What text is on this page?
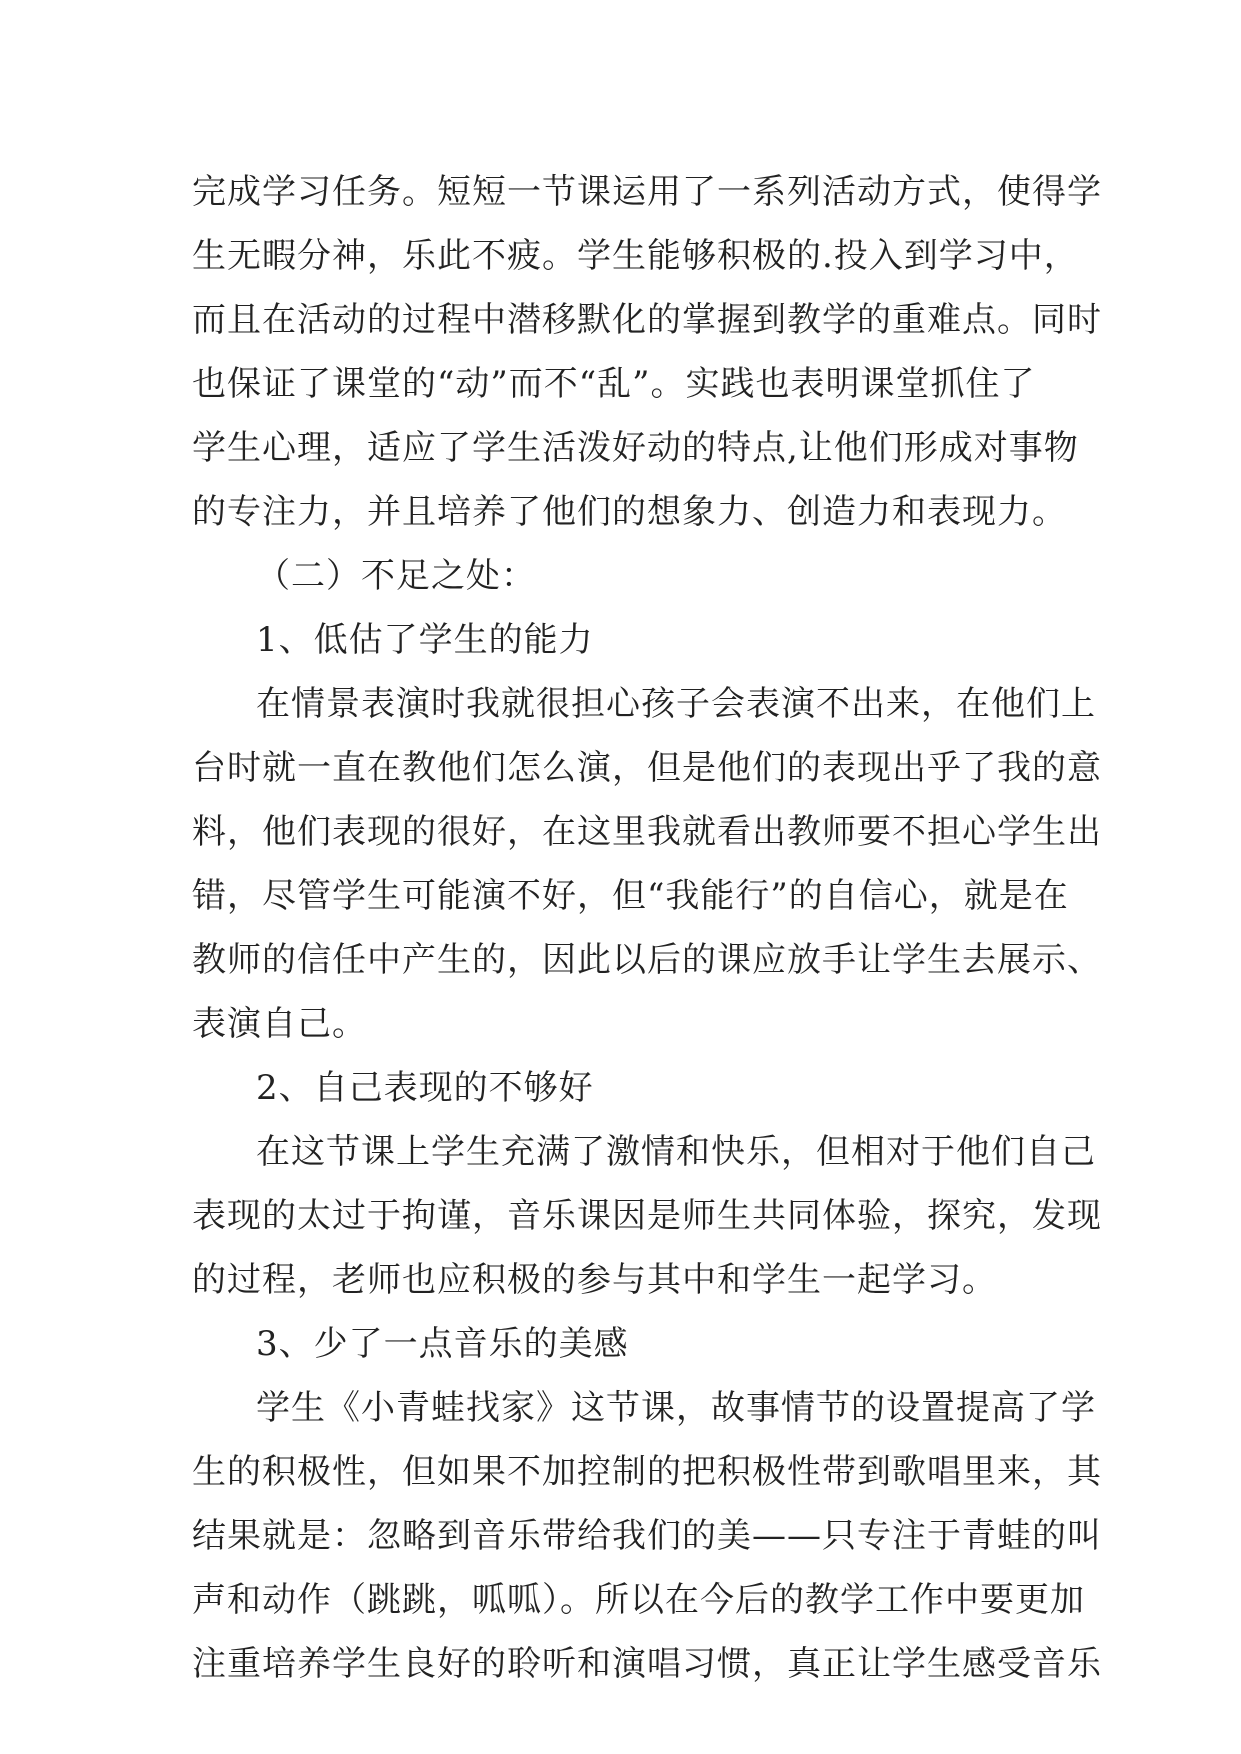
完成学习任务。短短一节课运用了一系列活动方式，使得学
生无暇分神，乐此不疲。学生能够积极的.投入到学习中，
而且在活动的过程中潜移默化的掌握到教学的重难点。同时
也保证了课堂的“动”而不“乱”。实践也表明课堂抓住了
学生心理，适应了学生活泼好动的特点,让他们形成对事物
的专注力，并且培养了他们的想象力、创造力和表现力。
（二）不足之处：
1、低估了学生的能力
在情景表演时我就很担心孩子会表演不出来，在他们上
台时就一直在教他们怎么演，但是他们的表现出乎了我的意
料，他们表现的很好，在这里我就看出教师要不担心学生出
错，尽管学生可能演不好，但“我能行”的自信心，就是在
教师的信任中产生的，因此以后的课应放手让学生去展示、
表演自己。
2、自己表现的不够好
在这节课上学生充满了激情和快乐，但相对于他们自己
表现的太过于拘谨，音乐课因是师生共同体验，探究，发现
的过程，老师也应积极的参与其中和学生一起学习。
3、少了一点音乐的美感
学生《小青蛙找家》这节课，故事情节的设置提高了学
生的积极性，但如果不加控制的把积极性带到歌唱里来，其
结果就是：忽略到音乐带给我们的美——只专注于青蛙的叫
声和动作（跳跳，呱呱）。所以在今后的教学工作中要更加
注重培养学生良好的聆听和演唱习惯，真正让学生感受音乐
